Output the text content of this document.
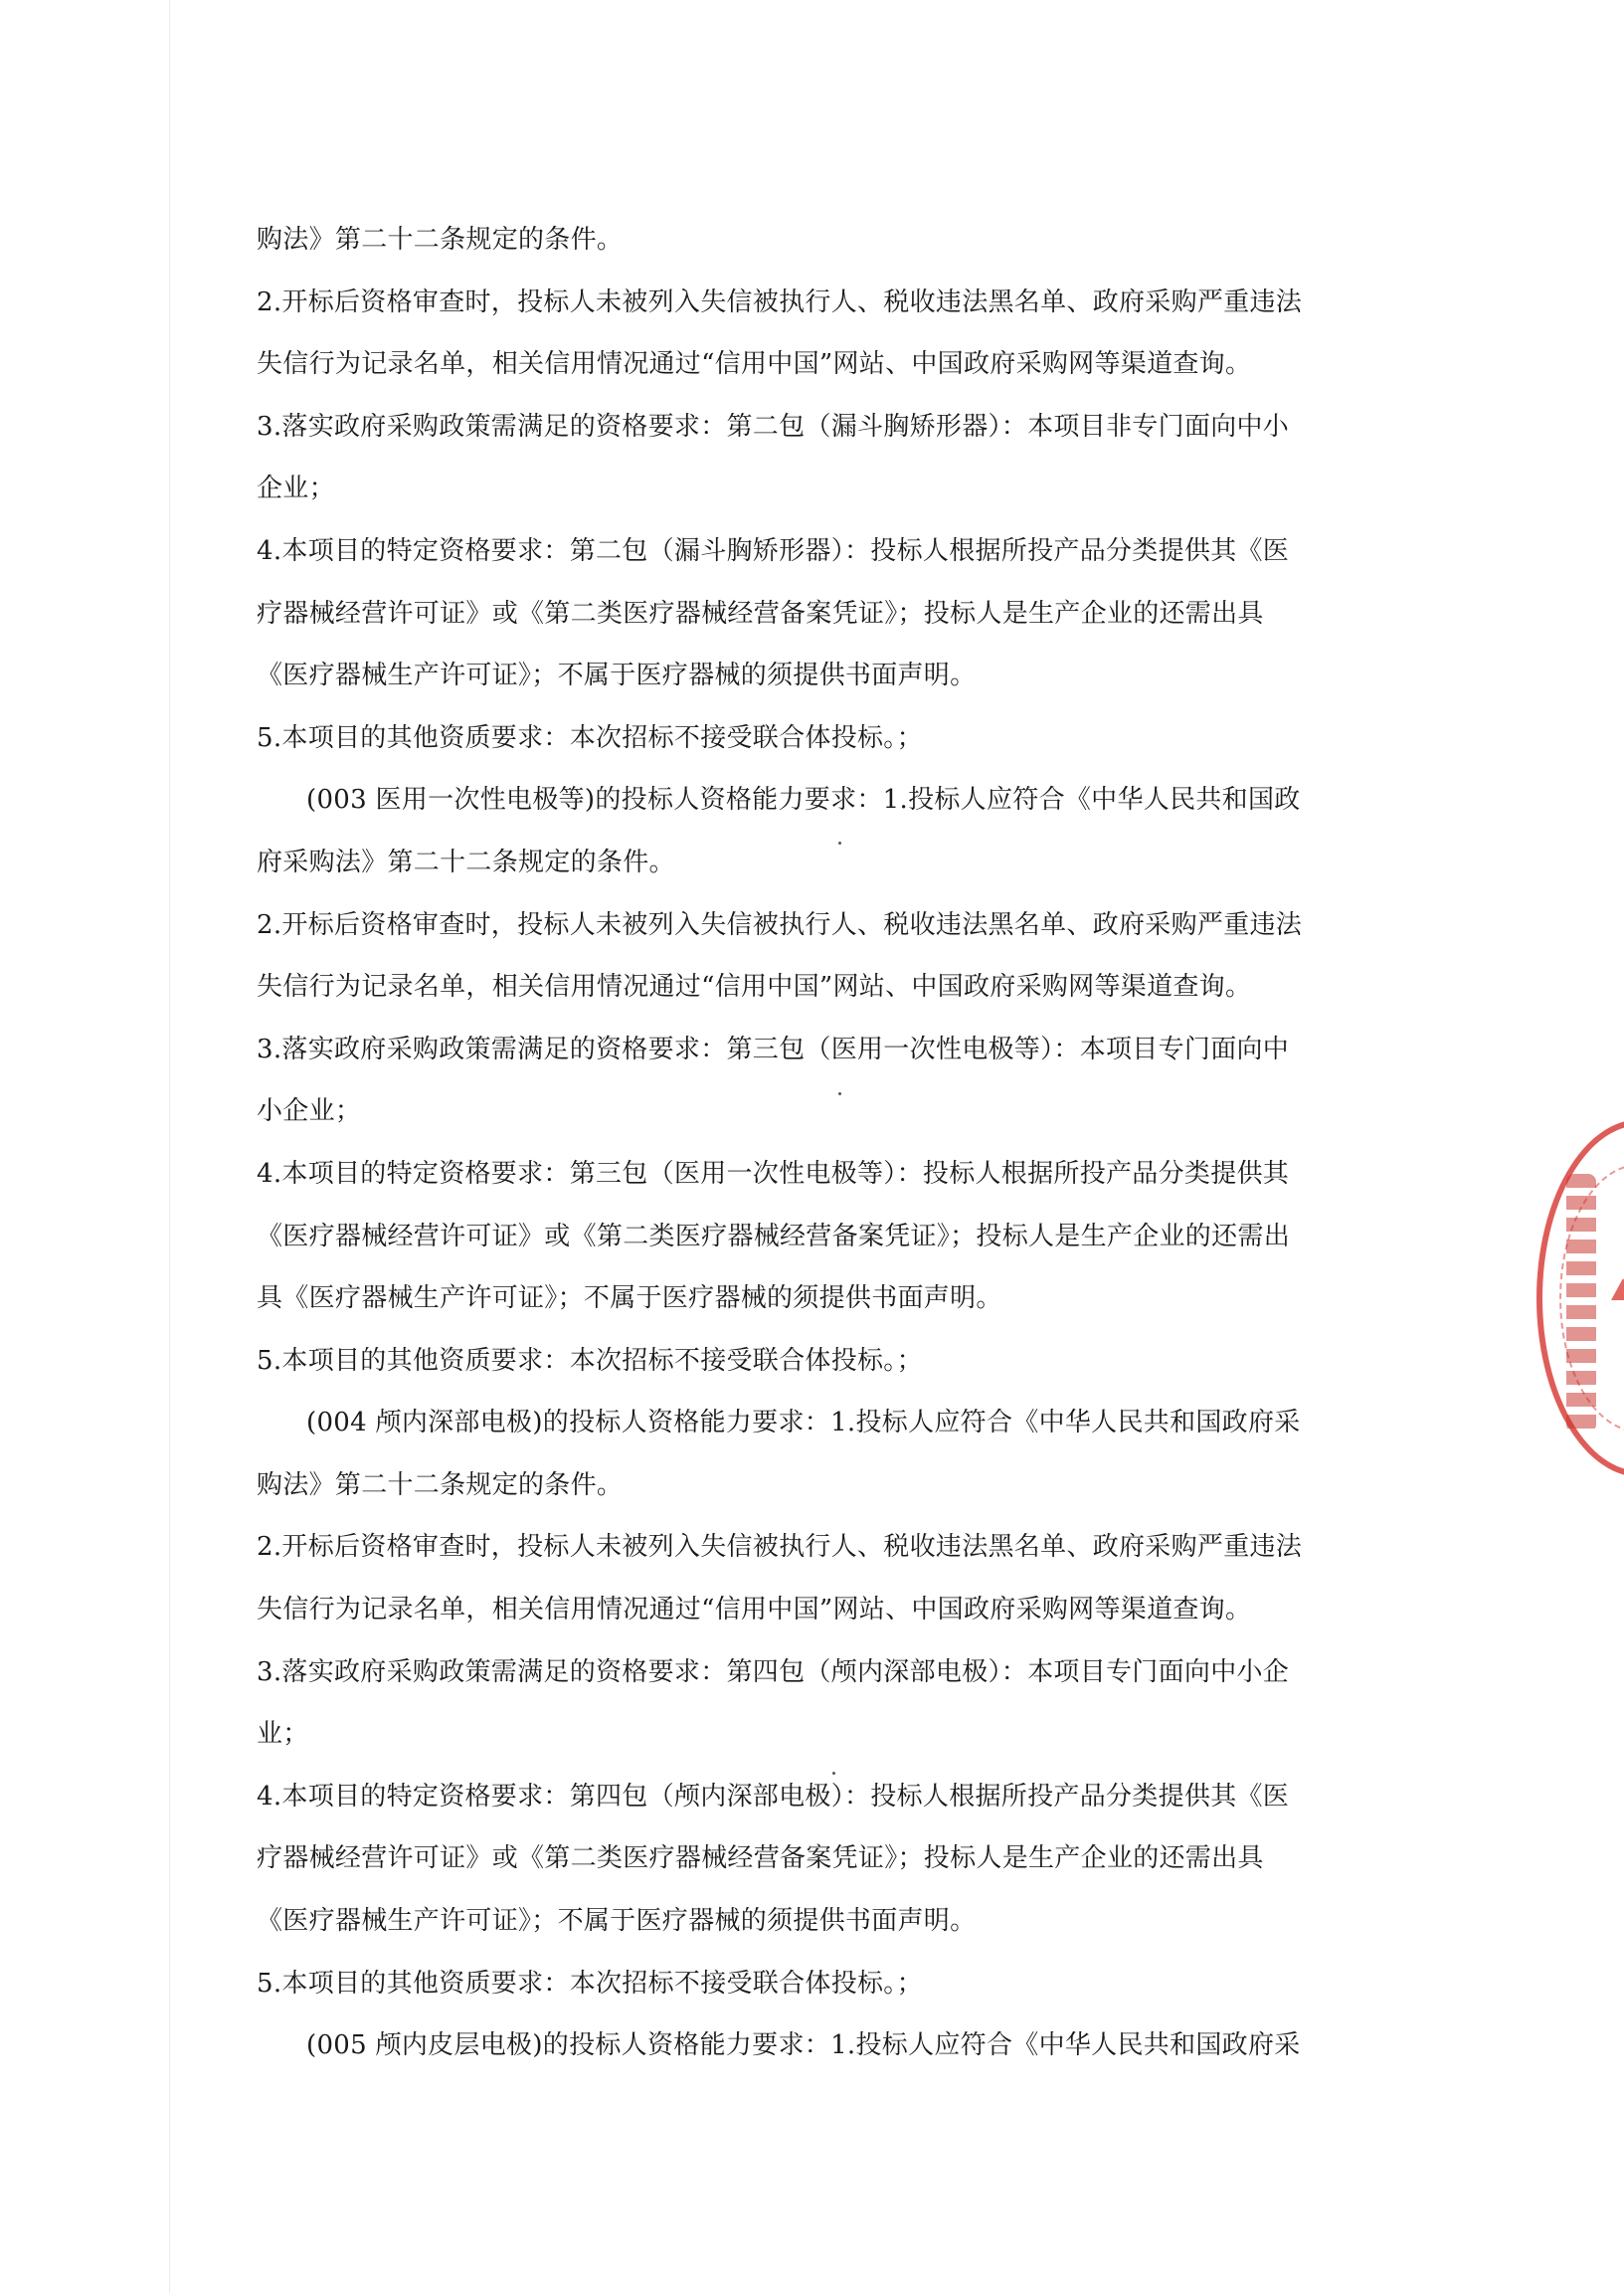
购法》第二十二条规定的条件。
2.开标后资格审查时，投标人未被列入失信被执行人、税收违法黑名单、政府采购严重违法
失信行为记录名单，相关信用情况通过“信用中国”网站、中国政府采购网等渠道查询。
3.落实政府采购政策需满足的资格要求：第二包（漏斗胸矫形器）：本项目非专门面向中小
企业；
4.本项目的特定资格要求：第二包（漏斗胸矫形器）：投标人根据所投产品分类提供其《医
疗器械经营许可证》或《第二类医疗器械经营备案凭证》；投标人是生产企业的还需出具
《医疗器械生产许可证》；不属于医疗器械的须提供书面声明。
5.本项目的其他资质要求：本次招标不接受联合体投标。；
(003 医用一次性电极等)的投标人资格能力要求：1.投标人应符合《中华人民共和国政
府采购法》第二十二条规定的条件。
2.开标后资格审查时，投标人未被列入失信被执行人、税收违法黑名单、政府采购严重违法
失信行为记录名单，相关信用情况通过“信用中国”网站、中国政府采购网等渠道查询。
3.落实政府采购政策需满足的资格要求：第三包（医用一次性电极等）：本项目专门面向中
小企业；
4.本项目的特定资格要求：第三包（医用一次性电极等）：投标人根据所投产品分类提供其
《医疗器械经营许可证》或《第二类医疗器械经营备案凭证》；投标人是生产企业的还需出
具《医疗器械生产许可证》；不属于医疗器械的须提供书面声明。
5.本项目的其他资质要求：本次招标不接受联合体投标。；
(004 颅内深部电极)的投标人资格能力要求：1.投标人应符合《中华人民共和国政府采
购法》第二十二条规定的条件。
2.开标后资格审查时，投标人未被列入失信被执行人、税收违法黑名单、政府采购严重违法
失信行为记录名单，相关信用情况通过“信用中国”网站、中国政府采购网等渠道查询。
3.落实政府采购政策需满足的资格要求：第四包（颅内深部电极）：本项目专门面向中小企
业；
4.本项目的特定资格要求：第四包（颅内深部电极）：投标人根据所投产品分类提供其《医
疗器械经营许可证》或《第二类医疗器械经营备案凭证》；投标人是生产企业的还需出具
《医疗器械生产许可证》；不属于医疗器械的须提供书面声明。
5.本项目的其他资质要求：本次招标不接受联合体投标。；
(005 颅内皮层电极)的投标人资格能力要求：1.投标人应符合《中华人民共和国政府采
